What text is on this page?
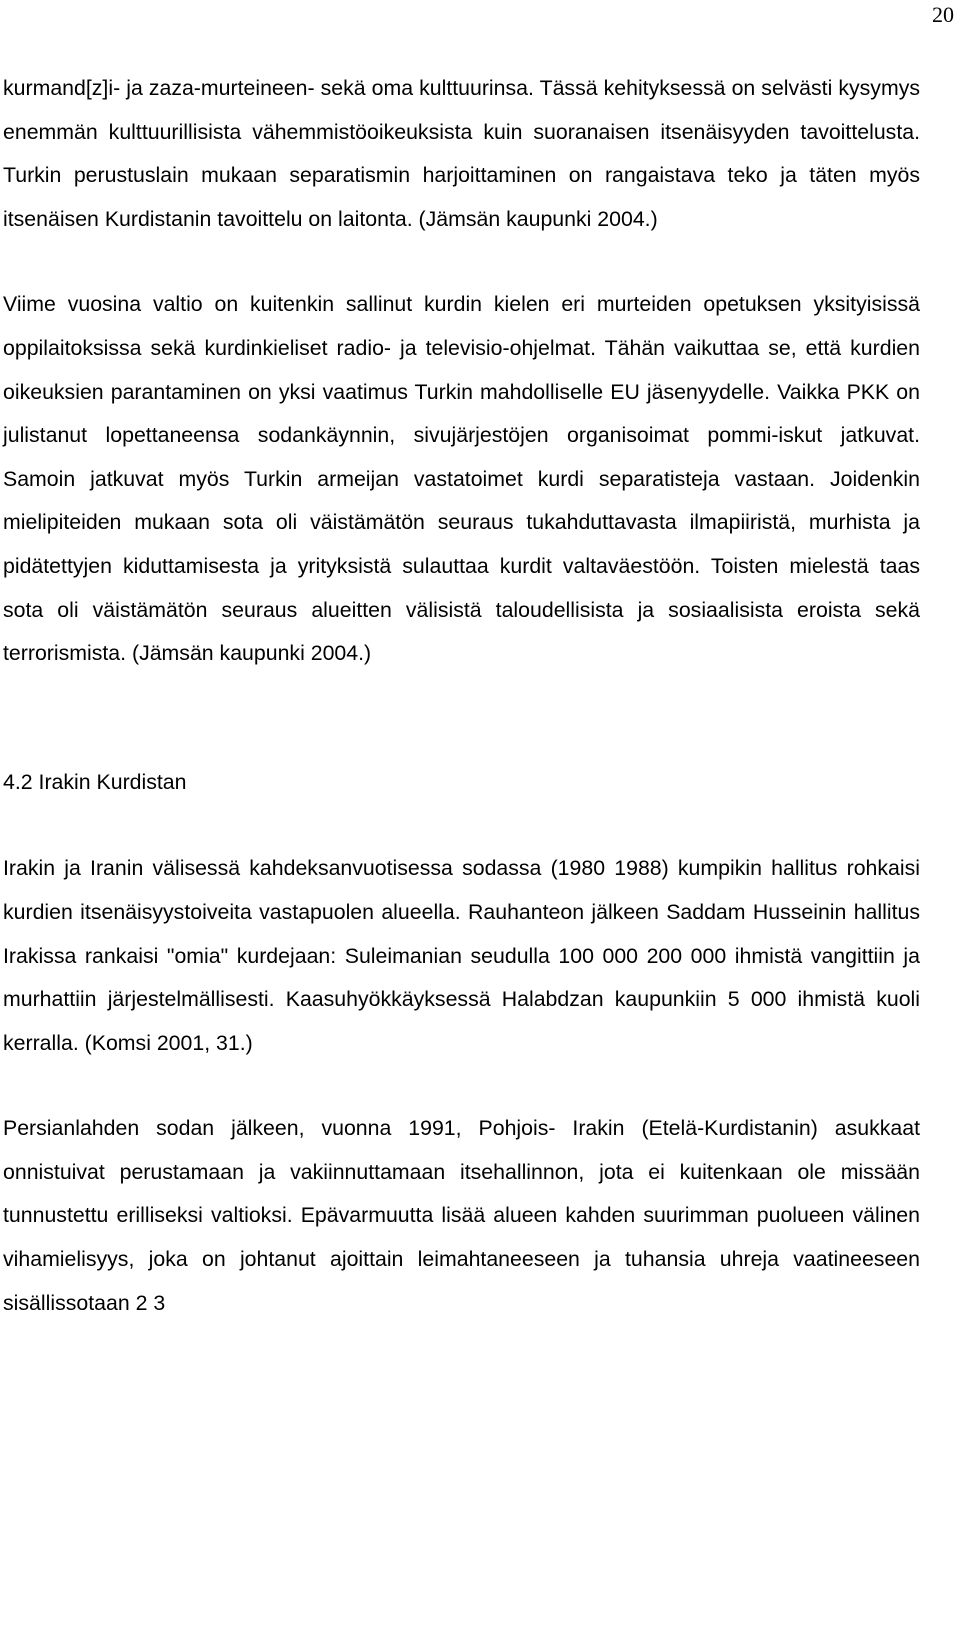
20

kurmand[z]i- ja zaza-murteineen- sekä oma kulttuurinsa. Tässä kehityksessä on selvästi kysymys enemmän kulttuurillisista vähemmistöoikeuksista kuin suoranaisen itsenäisyyden tavoittelusta. Turkin perustuslain mukaan separatismin harjoittaminen on rangaistava teko ja täten myös itsenäisen Kurdistanin tavoittelu on laitonta. (Jämsän kaupunki 2004.)

Viime vuosina valtio on kuitenkin sallinut kurdin kielen eri murteiden opetuksen yksityisissä oppilaitoksissa sekä kurdinkieliset radio- ja televisio-ohjelmat. Tähän vaikuttaa se, että kurdien oikeuksien parantaminen on yksi vaatimus Turkin mahdolliselle EU jäsenyydelle. Vaikka PKK on julistanut lopettaneensa sodankäynnin, sivujärjestöjen organisoimat pommi-iskut jatkuvat. Samoin jatkuvat myös Turkin armeijan vastatoimet kurdi separatisteja vastaan. Joidenkin mielipiteiden mukaan sota oli väistämätön seuraus tukahduttavasta ilmapiiristä, murhista ja pidätettyjen kiduttamisesta ja yrityksistä sulauttaa kurdit valtaväestöön. Toisten mielestä taas sota oli väistämätön seuraus alueitten välisistä taloudellisista ja sosiaalisista eroista sekä terrorismista. (Jämsän kaupunki 2004.)

4.2 Irakin Kurdistan

Irakin ja Iranin välisessä kahdeksanvuotisessa sodassa (1980 1988) kumpikin hallitus rohkaisi kurdien itsenäisyystoiveita vastapuolen alueella. Rauhanteon jälkeen Saddam Husseinin hallitus Irakissa rankaisi "omia" kurdejaan: Suleimanian seudulla 100 000 200 000 ihmistä vangittiin ja murhattiin järjestelmällisesti. Kaasuhyökkäyksessä Halabdzan kaupunkiin 5 000 ihmistä kuoli kerralla. (Komsi 2001, 31.)

Persianlahden sodan jälkeen, vuonna 1991, Pohjois- Irakin (Etelä-Kurdistanin) asukkaat onnistuivat perustamaan ja vakiinnuttamaan itsehallinnon, jota ei kuitenkaan ole missään tunnustettu erilliseksi valtioksi. Epävarmuutta lisää alueen kahden suurimman puolueen välinen vihamielisyys, joka on johtanut ajoittain leimahtaneeseen ja tuhansia uhreja vaatineeseen sisällissotaan 2 3
